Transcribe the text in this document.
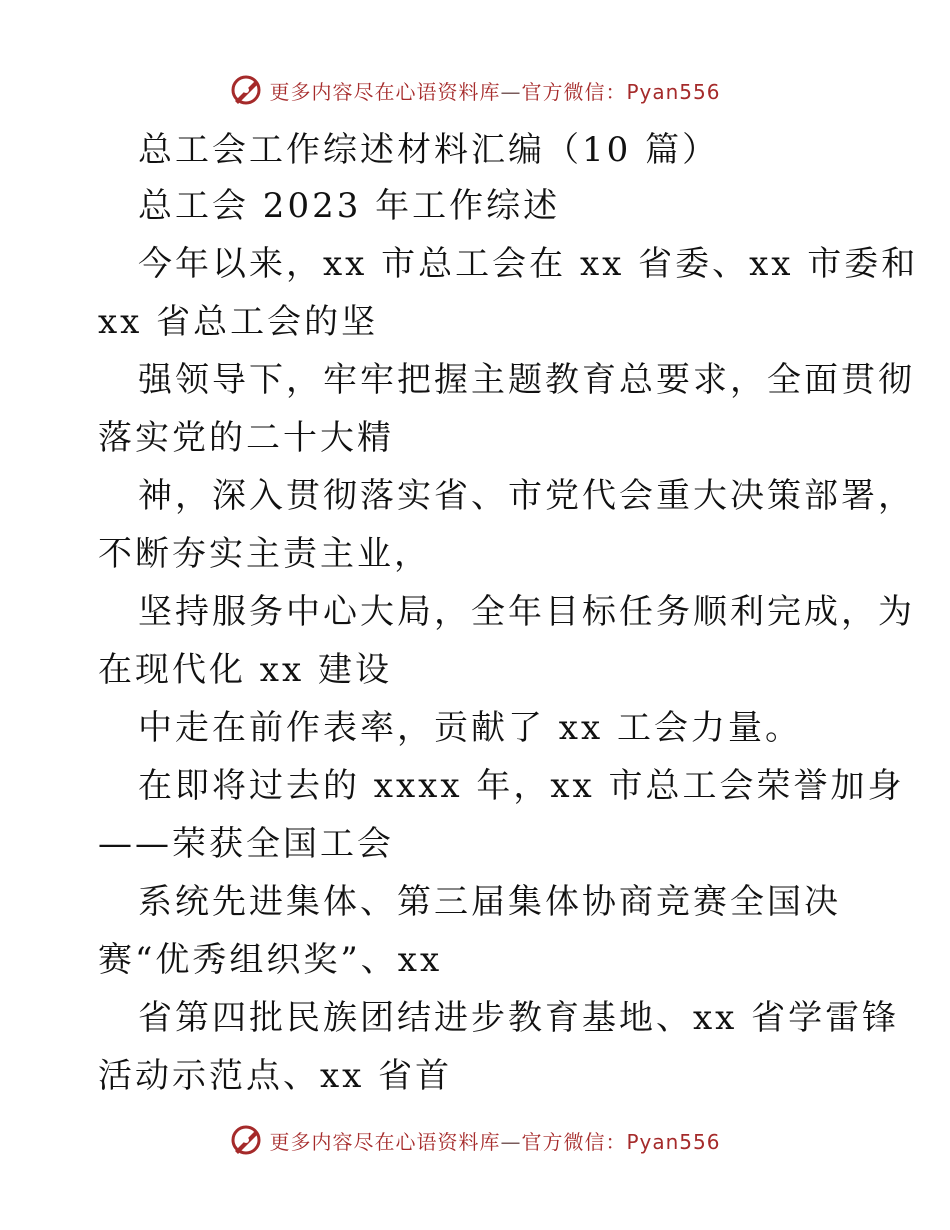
更多内容尽在心语资料库—官方微信：Pyan556
总工会工作综述材料汇编（10 篇）
总工会 2023 年工作综述
今年以来，xx 市总工会在 xx 省委、xx 市委和
xx 省总工会的坚
强领导下，牢牢把握主题教育总要求，全面贯彻
落实党的二十大精
神，深入贯彻落实省、市党代会重大决策部署，
不断夯实主责主业，
坚持服务中心大局，全年目标任务顺利完成，为
在现代化 xx 建设
中走在前作表率，贡献了 xx 工会力量。
在即将过去的 xxxx 年，xx 市总工会荣誉加身
——荣获全国工会
系统先进集体、第三届集体协商竞赛全国决
赛“优秀组织奖”、xx
省第四批民族团结进步教育基地、xx 省学雷锋
活动示范点、xx 省首
更多内容尽在心语资料库—官方微信：Pyan556
